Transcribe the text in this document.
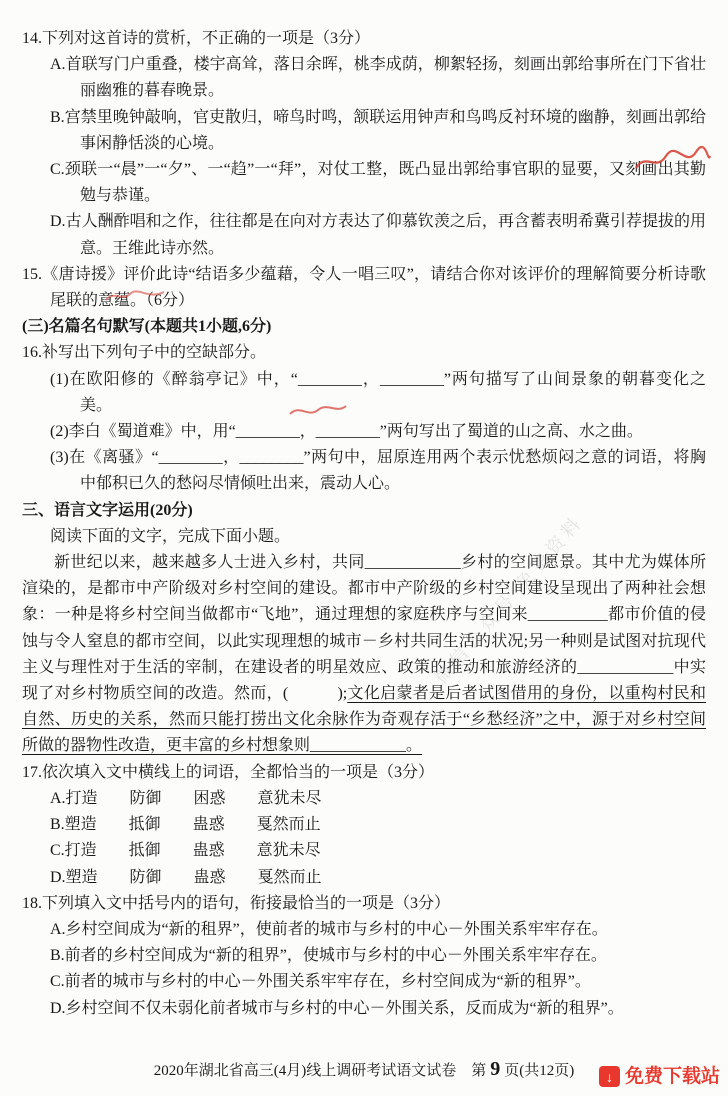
14.下列对这首诗的赏析，不正确的一项是（3分）

A.首联写门户重叠，楼宇高耸，落日余晖，桃李成荫，柳絮轻扬，刻画出郭给事所在门下省壮丽幽雅的暮春晚景。

B.宫禁里晚钟敲响，官吏散归，啼鸟时鸣，颔联运用钟声和鸟鸣反衬环境的幽静，刻画出郭给事闲静恬淡的心境。

C.颈联一“晨”一“夕”、一“趋”一“拜”，对仗工整，既凸显出郭给事官职的显要，又刻画出其勤勉与恭谨。

D.古人酬酢唱和之作，往往都是在向对方表达了仰慕钦羡之后，再含蓄表明希冀引荐提拔的用意。王维此诗亦然。

15.《唐诗援》评价此诗“结语多少蕴藉，令人一唱三叹”，请结合你对该评价的理解简要分析诗歌尾联的意蕴。（6分）

(三)名篇名句默写(本题共1小题,6分)

16.补写出下列句子中的空缺部分。

(1)在欧阳修的《醉翁亭记》中，“________，________”两句描写了山间景象的朝暮变化之美。

(2)李白《蜀道难》中，用“________，________”两句写出了蜀道的山之高、水之曲。

(3)在《离骚》“________，________”两句中，屈原连用两个表示忧愁烦闷之意的词语，将胸中郁积已久的愁闷尽情倾吐出来，震动人心。

三、语言文字运用(20分)

阅读下面的文字，完成下面小题。

新世纪以来，越来越多人士进入乡村，共同____________乡村的空间愿景。其中尤为媒体所渲染的，是都市中产阶级对乡村空间的建设。都市中产阶级的乡村空间建设呈现出了两种社会想象：一种是将乡村空间当做都市“飞地”，通过理想的家庭秩序与空间来__________都市价值的侵蚀与令人窒息的都市空间，以此实现理想的城市－乡村共同生活的状况;另一种则是试图对抗现代主义与理性对于生活的宰制，在建设者的明星效应、政策的推动和旅游经济的____________中实现了对乡村物质空间的改造。然而，(　　　);文化启蒙者是后者试图借用的身份，以重构村民和自然、历史的关系，然而只能打捞出文化余脉作为奇观存活于“乡愁经济”之中，源于对乡村空间所做的器物性改造，更丰富的乡村想象则____________。

17.依次填入文中横线上的词语，全都恰当的一项是（3分）

A.打造　　防御　　困惑　　意犹未尽

B.塑造　　抵御　　蛊惑　　戛然而止

C.打造　　抵御　　蛊惑　　意犹未尽

D.塑造　　防御　　蛊惑　　戛然而止

18.下列填入文中括号内的语句，衔接最恰当的一项是（3分）

A.乡村空间成为“新的租界”，使前者的城市与乡村的中心－外围关系牢牢存在。

B.前者的乡村空间成为“新的租界”，使城市与乡村的中心－外围关系牢牢存在。

C.前者的城市与乡村的中心－外围关系牢牢存在，乡村空间成为“新的租界”。

D.乡村空间不仅未弱化前者城市与乡村的中心－外围关系，反而成为“新的租界”。

微信公众号 免费资料
2020年湖北省高三(4月)线上调研考试语文试卷　第 9 页(共12页)	↓ 免费下载站
